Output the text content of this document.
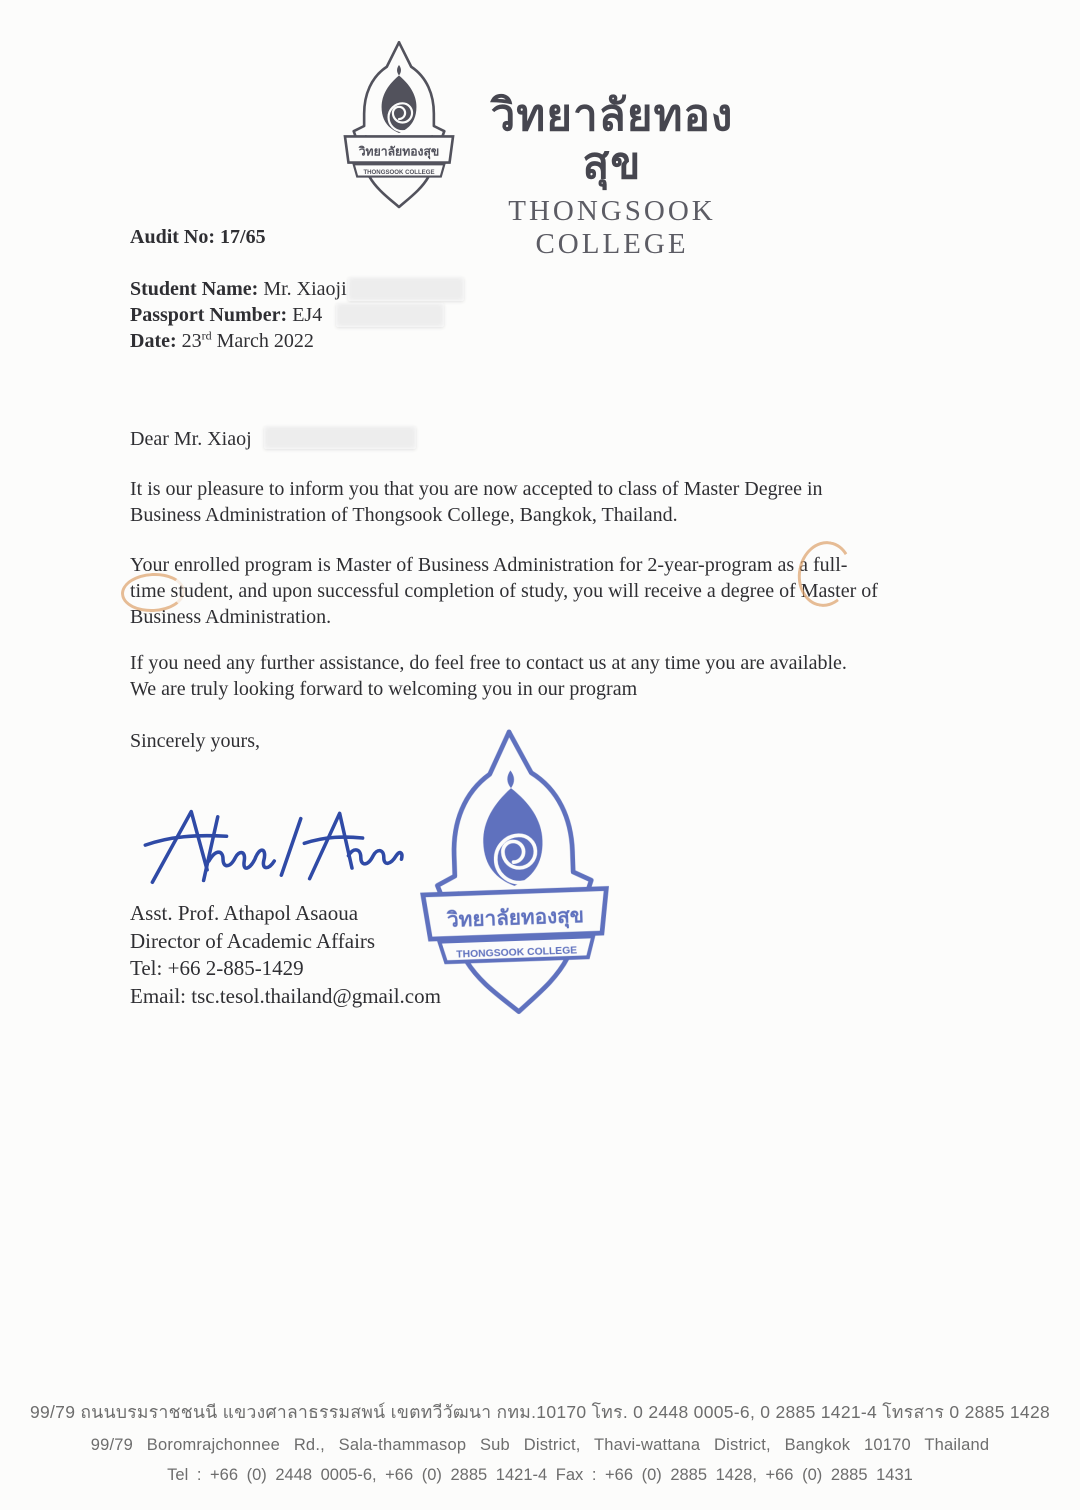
วิทยาลัยทองสุข
THONGSOOK COLLEGE
วิทยาลัยทองสุข
THONGSOOK COLLEGE
Audit No: 17/65
Student Name: Mr. Xiaoji
Passport Number: EJ4
Date: 23rd March 2022
Dear Mr. Xiaoj
It is our pleasure to inform you that you are now accepted to class of Master Degree in
Business Administration of Thongsook College, Bangkok, Thailand.
Your enrolled program is Master of Business Administration for 2-year-program as a full-

time
student, and upon successful completion of study, you will receive a degree of Master of
Business Administration.
If you need any further assistance, do feel free to contact us at any time you are available.
We are truly looking forward to welcoming you in our program
Sincerely yours,
วิทยาลัยทองสุข
THONGSOOK COLLEGE
Asst. Prof. Athapol Asaoua
Director of Academic Affairs
Tel: +66 2-885-1429
Email: tsc.tesol.thailand@gmail.com
99/79 ถนนบรมราชชนนี แขวงศาลาธรรมสพน์ เขตทวีวัฒนา กทม.10170 โทร. 0 2448 0005-6, 0 2885 1421-4 โทรสาร 0 2885 1428
99/79 Boromrajchonnee Rd., Sala-thammasop Sub District, Thavi-wattana District, Bangkok 10170 Thailand
Tel : +66 (0) 2448 0005-6, +66 (0) 2885 1421-4 Fax : +66 (0) 2885 1428, +66 (0) 2885 1431
